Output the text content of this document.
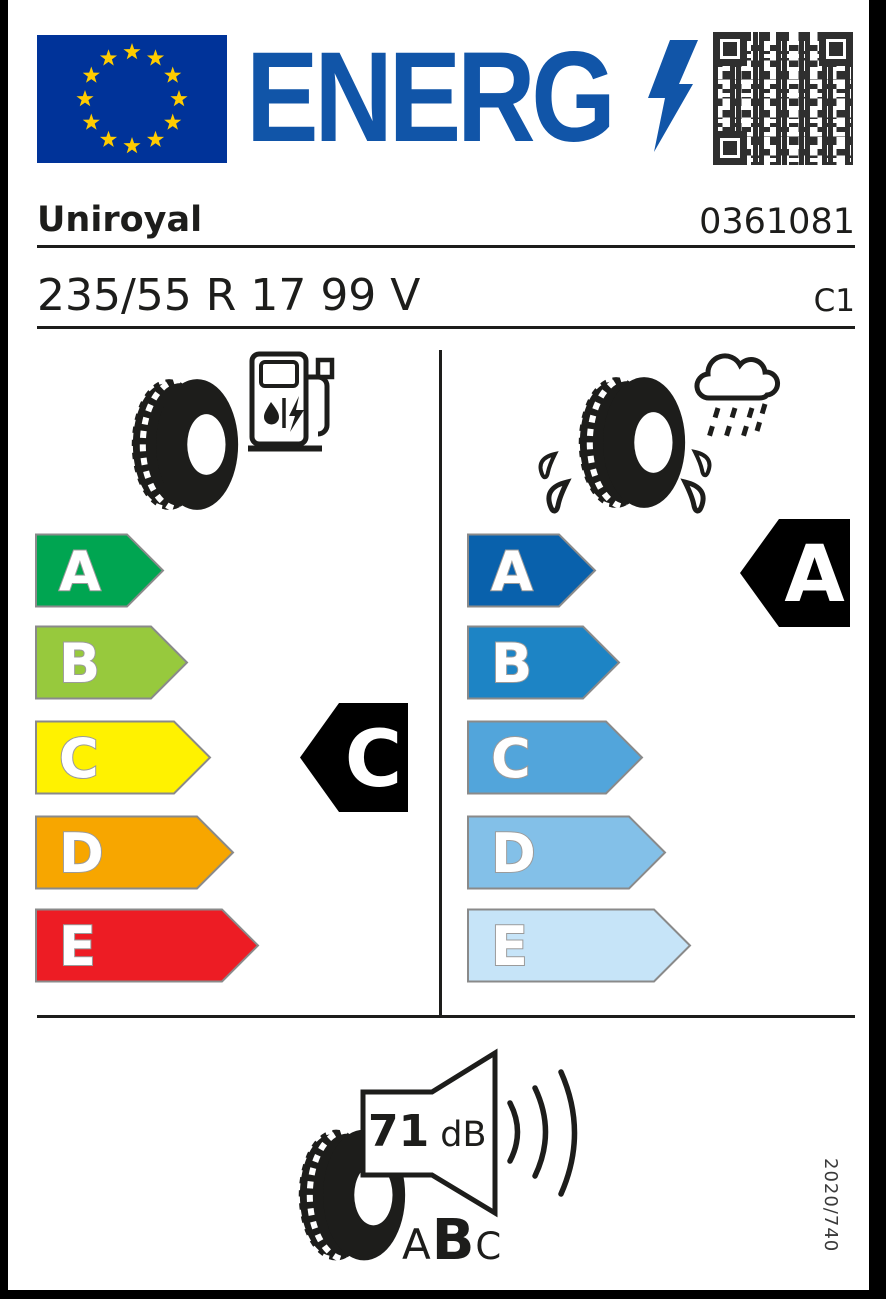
ENERG
Uniroyal	0361081
235/55 R 17 99 V	C1
A
B
C
D
E
C
A
B
C
D
E
A
71 dB
A B C	2020/740
